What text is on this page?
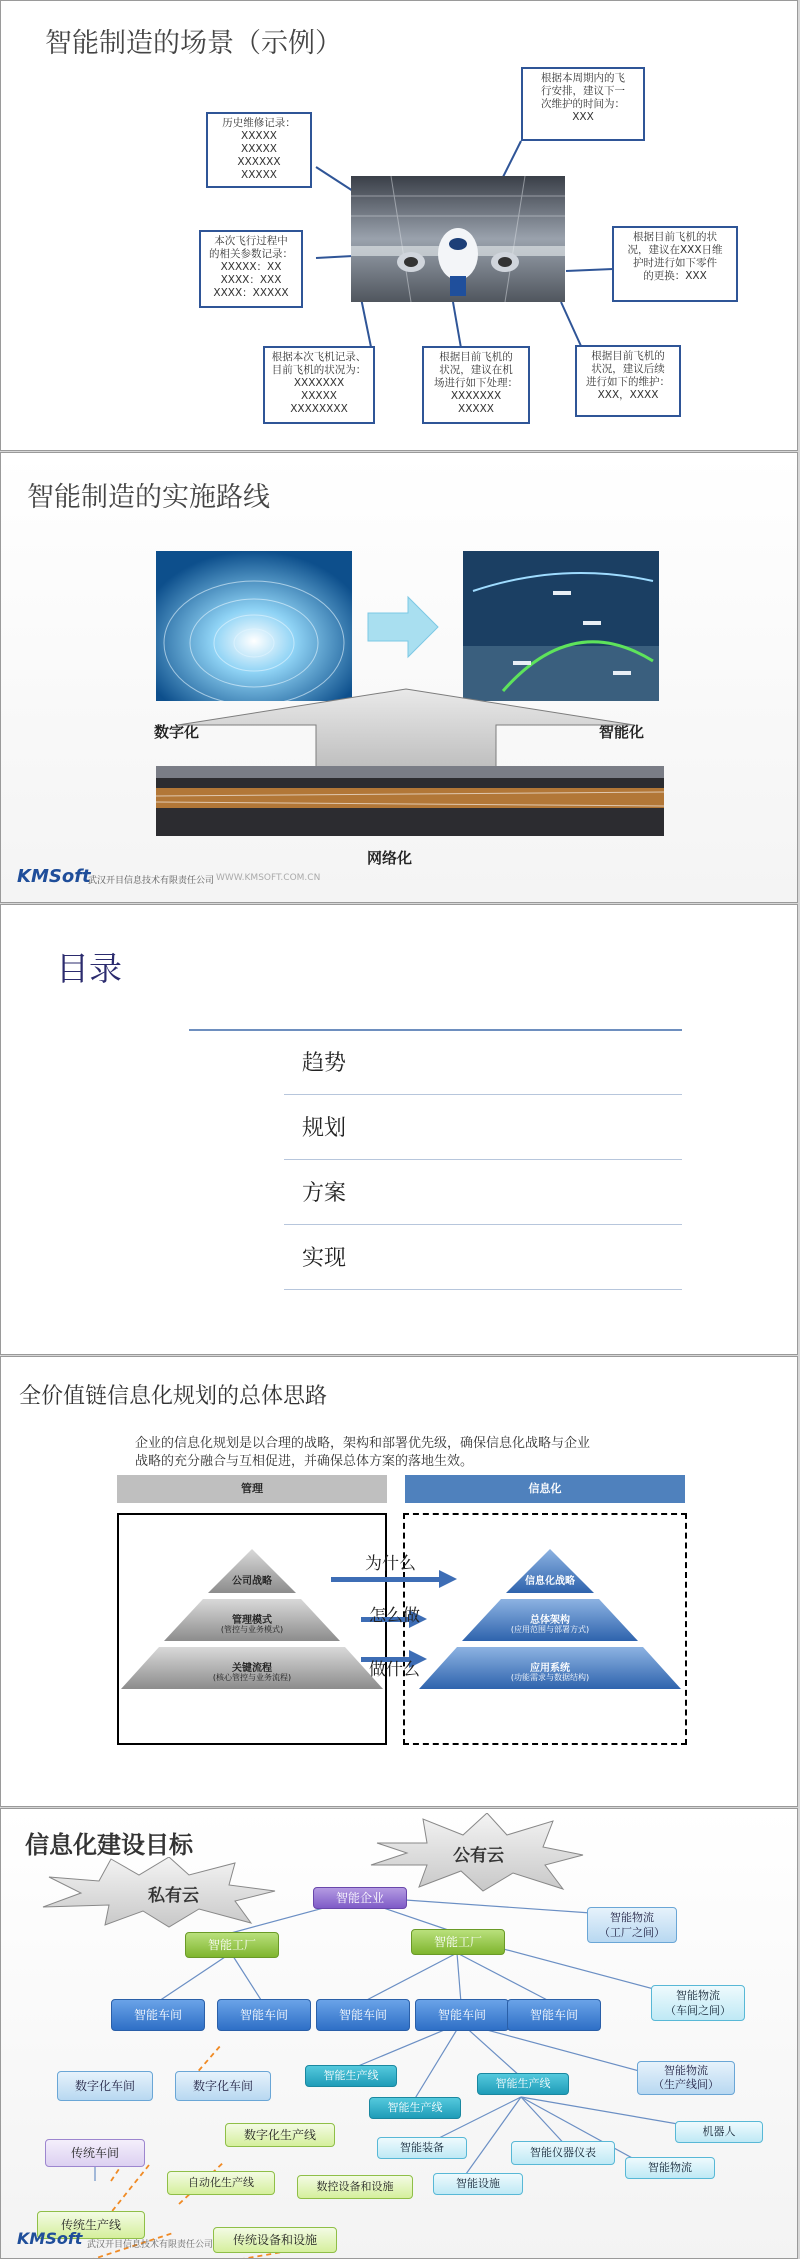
智能制造的场景（示例）
历史维修记录：
XXXXX
XXXXX
XXXXXX
XXXXX
本次飞行过程中
的相关参数记录：
XXXXX：XX
XXXX：XXX
XXXX：XXXXX
根据本次飞机记录、
目前飞机的状况为：
XXXXXXX
XXXXX
XXXXXXXX
根据目前飞机的
状况，建议在机
场进行如下处理：
XXXXXXX
XXXXX
根据目前飞机的
状况，建议后续
进行如下的维护：
XXX，XXXX
根据目前飞机的状
况，建议在XXX日维
护时进行如下零件
的更换：XXX
根据本周期内的飞
行安排，建议下一
次维护的时间为：
XXX
智能制造的实施路线
数字化	智能化
网络化
KMSoft
武汉开目信息技术有限责任公司 WWW.KMSOFT.COM.CN
目录
趋势
规划
方案
实现
全价值链信息化规划的总体思路
企业的信息化规划是以合理的战略，架构和部署优先级，确保信息化战略与企业
战略的充分融合与互相促进，并确保总体方案的落地生效。
管理	信息化
公司战略
管理模式
(管控与业务模式)
关键流程
(核心管控与业务流程)
信息化战略
总体架构
(应用范围与部署方式)
应用系统
(功能需求与数据结构)
为什么
怎么做
做什么
信息化建设目标
私有云
公有云
智能企业
智能工厂	智能工厂
智能物流
（工厂之间）
智能车间	智能车间	智能车间	智能车间	智能车间
智能物流
（车间之间）
数字化车间	数字化车间
智能生产线
智能生产线
智能生产线
智能物流
（生产线间）
传统车间
数字化生产线
智能装备	智能仪器仪表
机器人
智能物流
自动化生产线	数控设备和设施	智能设施
传统生产线
传统设备和设施
KMSoft 武汉开目信息技术有限责任公司
